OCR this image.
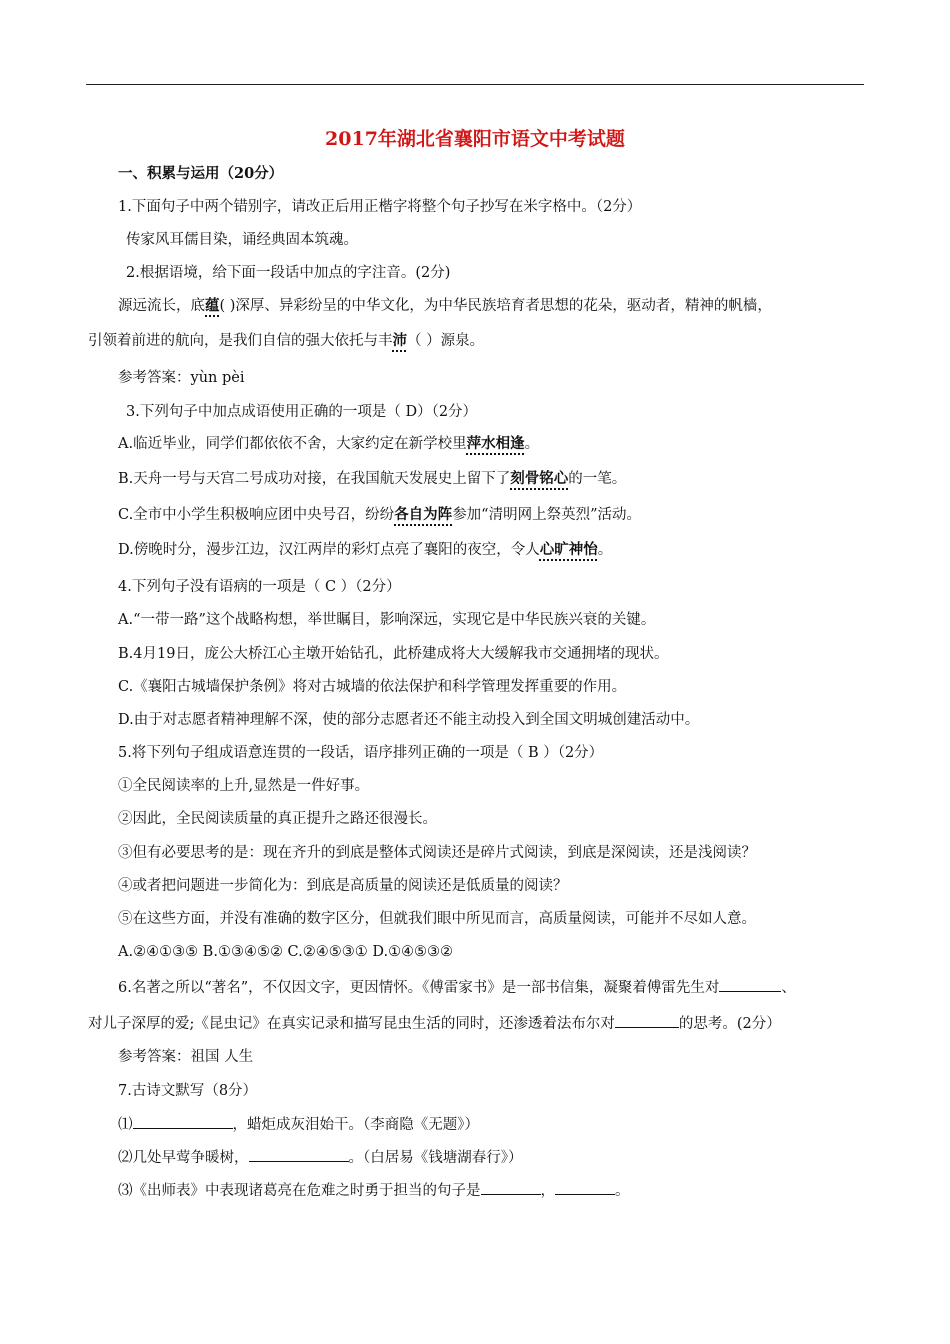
2017年湖北省襄阳市语文中考试题
一、积累与运用（20分）
1.下面句子中两个错别字，请改正后用正楷字将整个句子抄写在米字格中。（2分）
传家风耳儒目染，诵经典固本筑魂。
2.根据语境，给下面一段话中加点的字注音。(2分)
源远流长，底蕴( )深厚、异彩纷呈的中华文化，为中华民族培育者思想的花朵，驱动者，精神的帆樯，
引领着前进的航向，是我们自信的强大依托与丰沛（ ）源泉。
参考答案：yùn pèi
3.下列句子中加点成语使用正确的一项是（ D）（2分）
A.临近毕业，同学们都依依不舍，大家约定在新学校里萍水相逢。
B.天舟一号与天宫二号成功对接，在我国航天发展史上留下了刻骨铭心的一笔。
C.全市中小学生积极响应团中央号召，纷纷各自为阵参加“清明网上祭英烈”活动。
D.傍晚时分，漫步江边，汉江两岸的彩灯点亮了襄阳的夜空，令人心旷神怡。
4.下列句子没有语病的一项是（ C ）（2分）
A.“一带一路”这个战略构想，举世瞩目，影响深远，实现它是中华民族兴衰的关键。
B.4月19日，庞公大桥江心主墩开始钻孔，此桥建成将大大缓解我市交通拥堵的现状。
C.《襄阳古城墙保护条例》将对古城墙的依法保护和科学管理发挥重要的作用。
D.由于对志愿者精神理解不深，使的部分志愿者还不能主动投入到全国文明城创建活动中。
5.将下列句子组成语意连贯的一段话，语序排列正确的一项是（ B ）（2分）
①全民阅读率的上升,显然是一件好事。
②因此，全民阅读质量的真正提升之路还很漫长。
③但有必要思考的是：现在齐升的到底是整体式阅读还是碎片式阅读，到底是深阅读，还是浅阅读？
④或者把问题进一步简化为：到底是高质量的阅读还是低质量的阅读？
⑤在这些方面，并没有准确的数字区分，但就我们眼中所见而言，高质量阅读，可能并不尽如人意。
A.②④①③⑤ B.①③④⑤② C.②④⑤③① D.①④⑤③②
6.名著之所以“著名”，不仅因文字，更因情怀。《傅雷家书》是一部书信集，凝聚着傅雷先生对	、
对儿子深厚的爱;《昆虫记》在真实记录和描写昆虫生活的同时，还渗透着法布尔对	的思考。(2分）
参考答案：祖国 人生
7.古诗文默写（8分）
⑴	，蜡炬成灰泪始干。（李商隐《无题》）
⑵几处早莺争暖树，	。（白居易《钱塘湖春行》）
⑶《出师表》中表现诸葛亮在危难之时勇于担当的句子是	，	。
